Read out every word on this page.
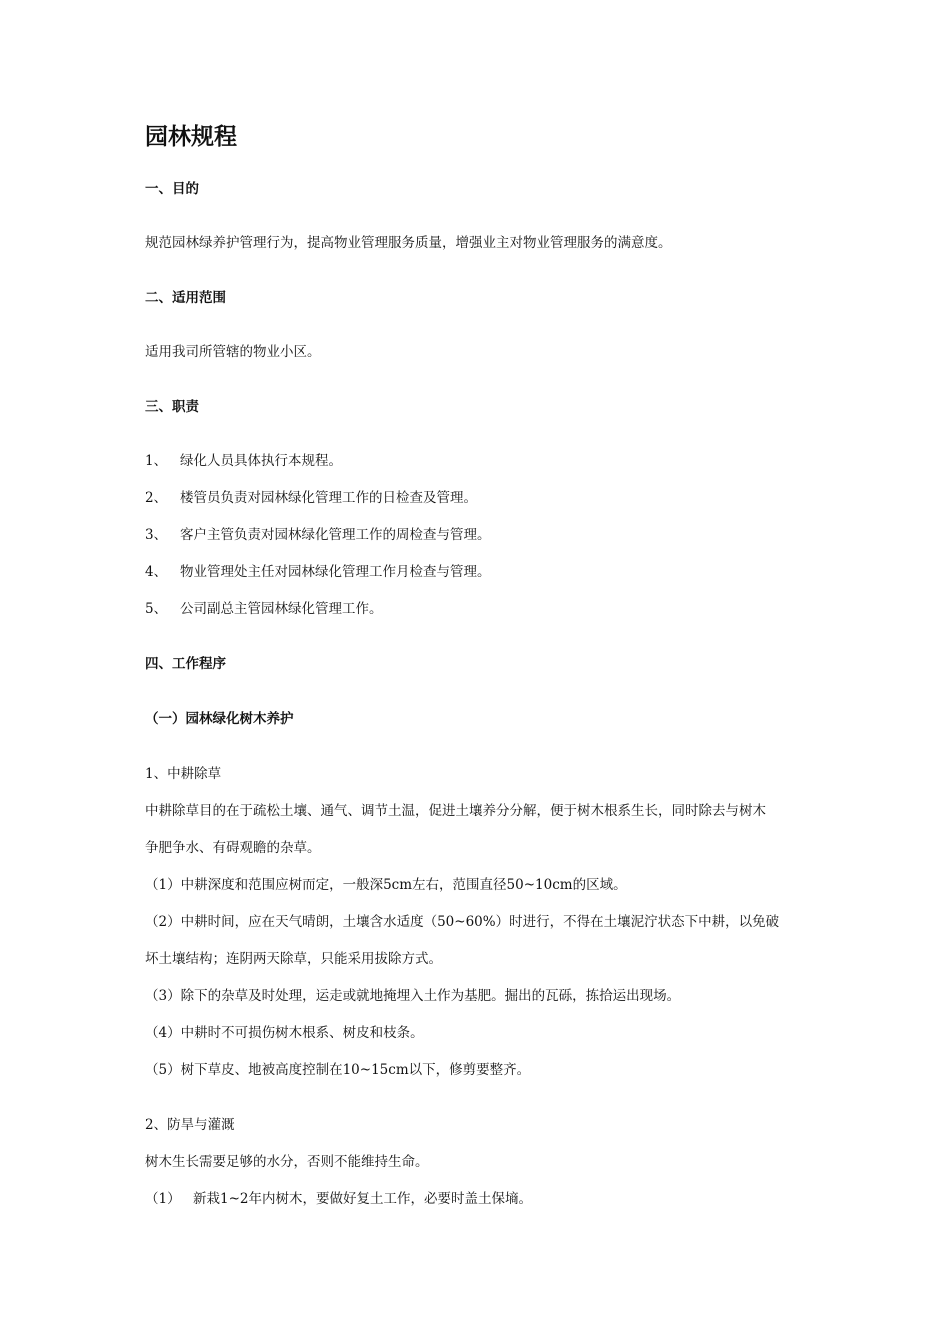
园林规程
一、目的
规范园林绿养护管理行为，提高物业管理服务质量，增强业主对物业管理服务的满意度。
二、适用范围
适用我司所管辖的物业小区。
三、职责
1、 绿化人员具体执行本规程。
2、 楼管员负责对园林绿化管理工作的日检查及管理。
3、 客户主管负责对园林绿化管理工作的周检查与管理。
4、 物业管理处主任对园林绿化管理工作月检查与管理。
5、 公司副总主管园林绿化管理工作。
四、工作程序
（一）园林绿化树木养护
1、中耕除草
中耕除草目的在于疏松土壤、通气、调节土温，促进土壤养分分解，便于树木根系生长，同时除去与树木
争肥争水、有碍观瞻的杂草。
（1）中耕深度和范围应树而定，一般深5cm左右，范围直径50~10cm的区域。
（2）中耕时间，应在天气晴朗，土壤含水适度（50~60%）时进行，不得在土壤泥泞状态下中耕，以免破
坏土壤结构；连阴两天除草，只能采用拔除方式。
（3）除下的杂草及时处理，运走或就地掩埋入土作为基肥。掘出的瓦砾，拣拾运出现场。
（4）中耕时不可损伤树木根系、树皮和枝条。
（5）树下草皮、地被高度控制在10~15cm以下，修剪要整齐。
2、防旱与灌溉
树木生长需要足够的水分，否则不能维持生命。
（1） 新栽1~2年内树木，要做好复土工作，必要时盖土保墒。
